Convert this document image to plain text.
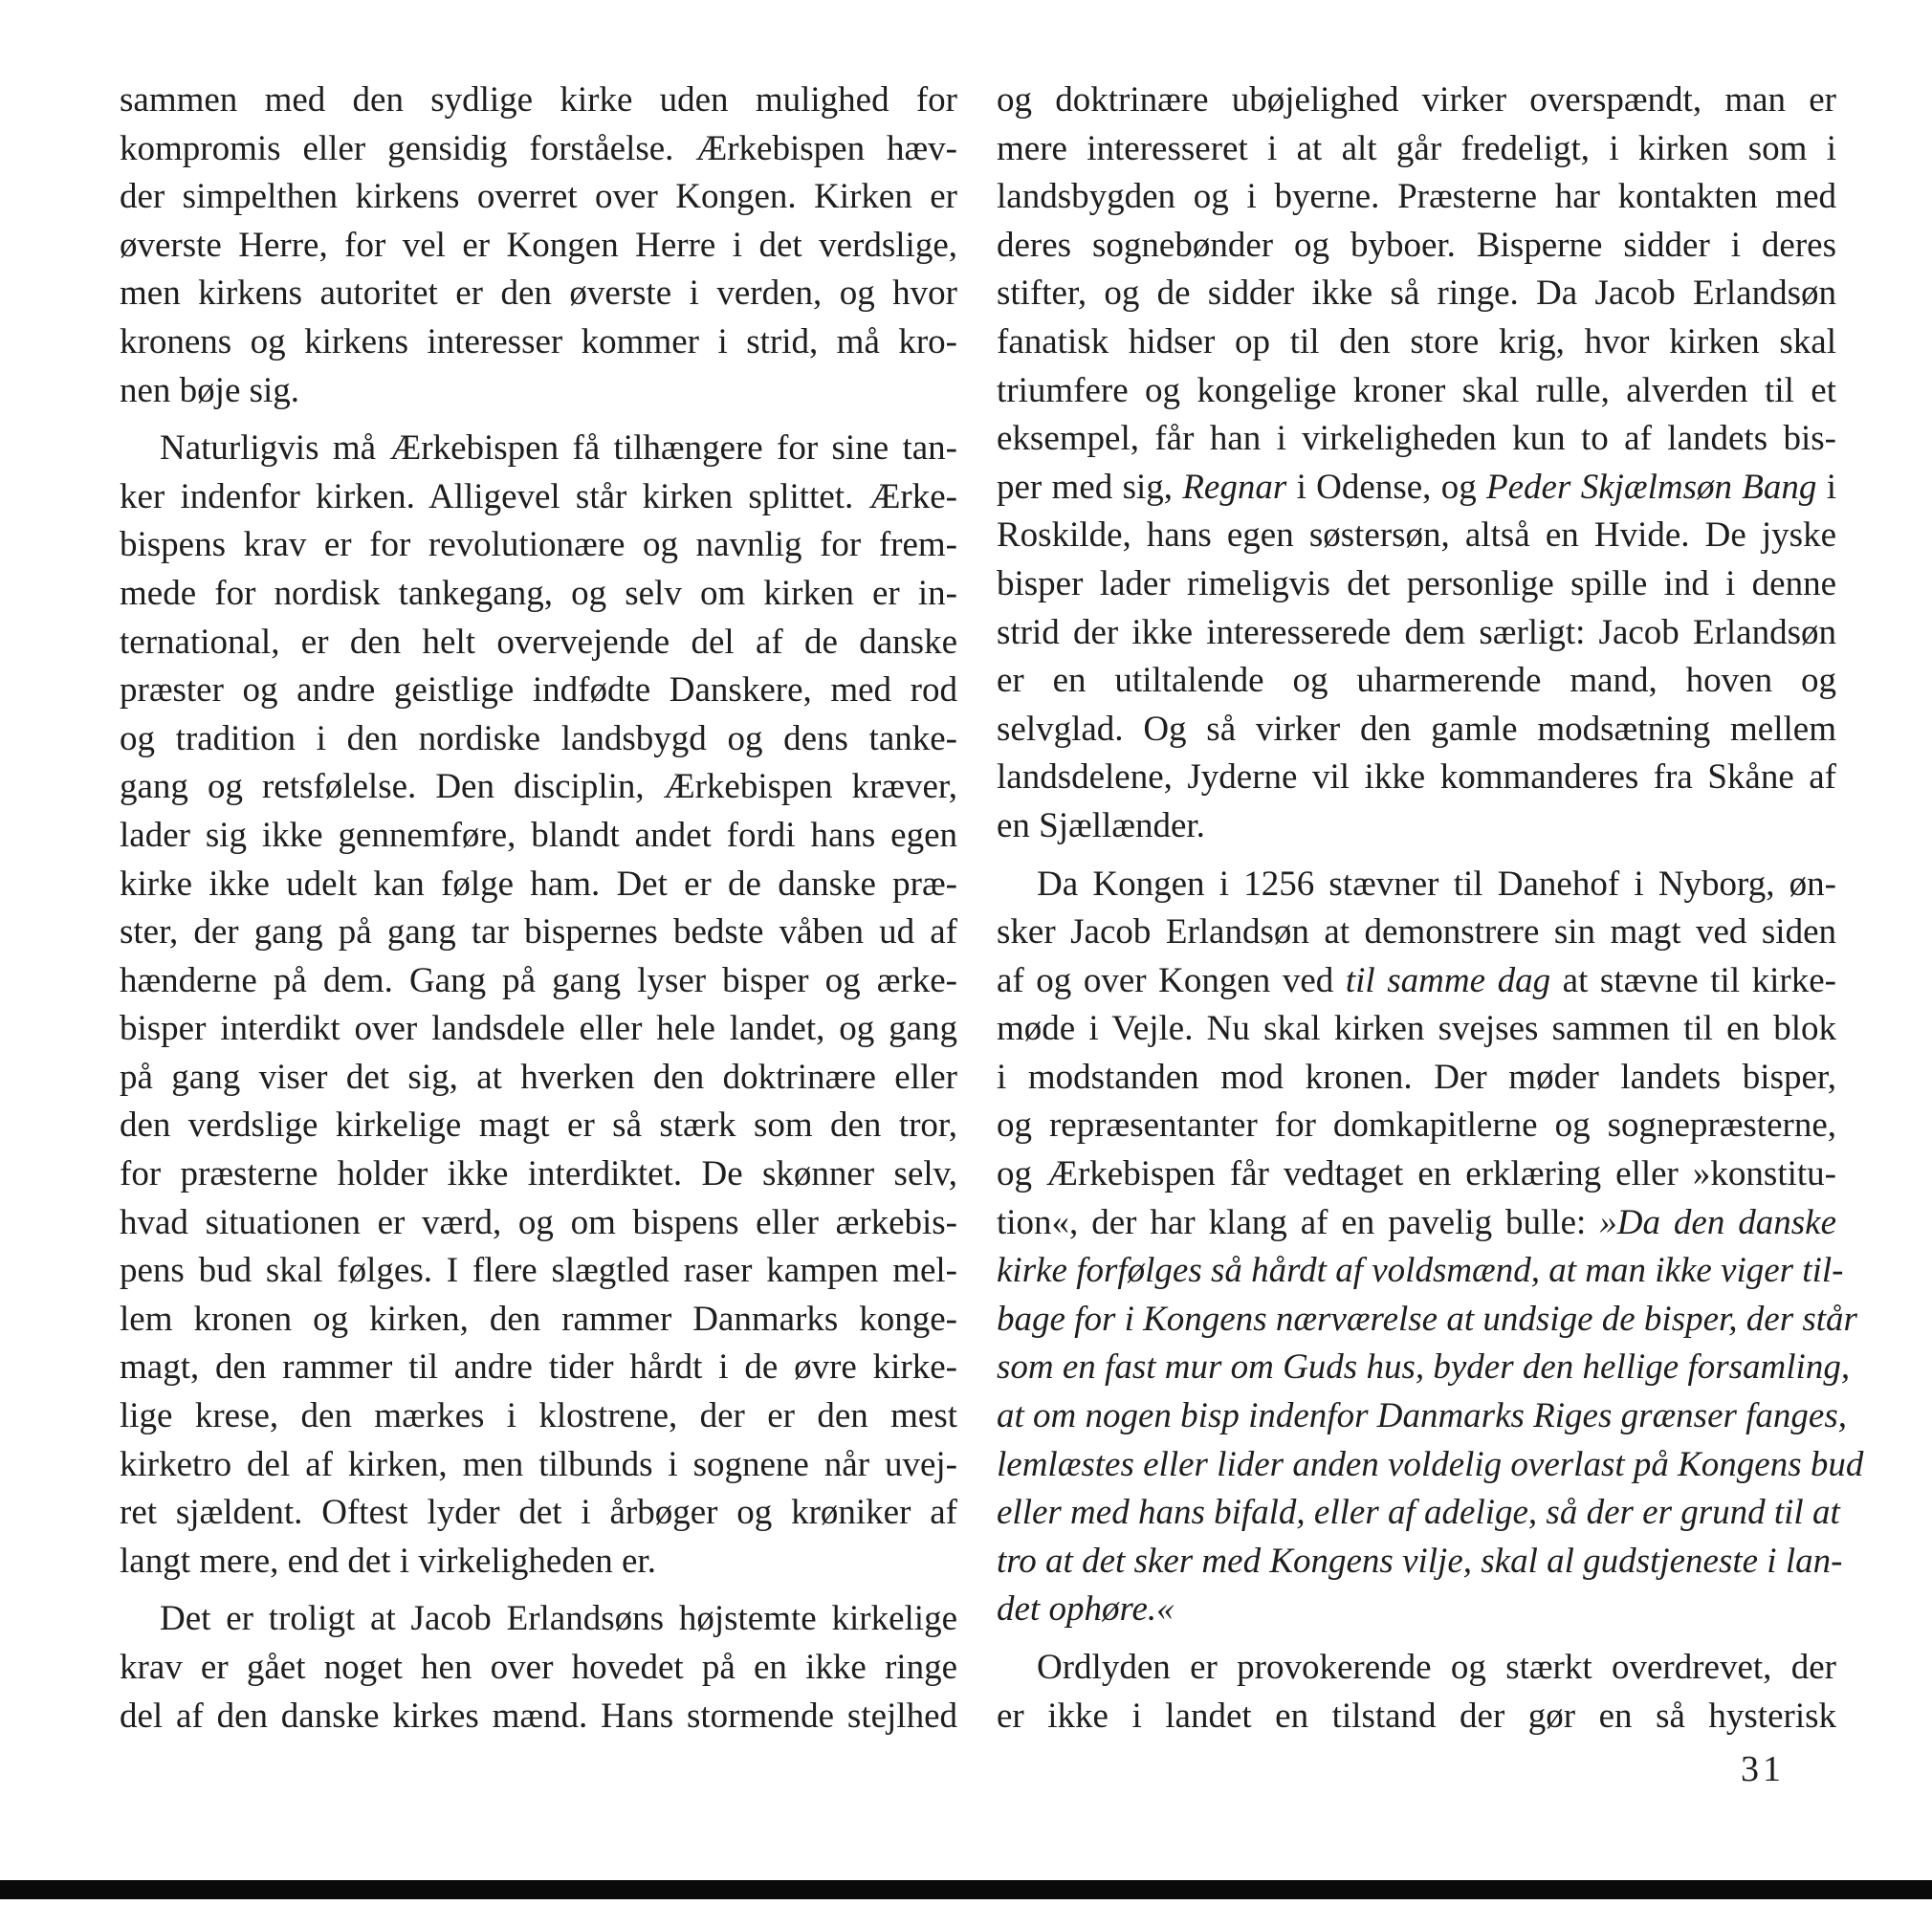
sammen med den sydlige kirke uden mulighed for
kompromis eller gensidig forståelse. Ærkebispen hæv-
der simpelthen kirkens overret over Kongen. Kirken er
øverste Herre, for vel er Kongen Herre i det verdslige,
men kirkens autoritet er den øverste i verden, og hvor
kronens og kirkens interesser kommer i strid, må kro-
nen bøje sig.
Naturligvis må Ærkebispen få tilhængere for sine tan-
ker indenfor kirken. Alligevel står kirken splittet. Ærke-
bispens krav er for revolutionære og navnlig for frem-
mede for nordisk tankegang, og selv om kirken er in-
ternational, er den helt overvejende del af de danske
præster og andre geistlige indfødte Danskere, med rod
og tradition i den nordiske landsbygd og dens tanke-
gang og retsfølelse. Den disciplin, Ærkebispen kræver,
lader sig ikke gennemføre, blandt andet fordi hans egen
kirke ikke udelt kan følge ham. Det er de danske præ-
ster, der gang på gang tar bispernes bedste våben ud af
hænderne på dem. Gang på gang lyser bisper og ærke-
bisper interdikt over landsdele eller hele landet, og gang
på gang viser det sig, at hverken den doktrinære eller
den verdslige kirkelige magt er så stærk som den tror,
for præsterne holder ikke interdiktet. De skønner selv,
hvad situationen er værd, og om bispens eller ærkebis-
pens bud skal følges. I flere slægtled raser kampen mel-
lem kronen og kirken, den rammer Danmarks konge-
magt, den rammer til andre tider hårdt i de øvre kirke-
lige krese, den mærkes i klostrene, der er den mest
kirketro del af kirken, men tilbunds i sognene når uvej-
ret sjældent. Oftest lyder det i årbøger og krøniker af
langt mere, end det i virkeligheden er.
Det er troligt at Jacob Erlandsøns højstemte kirkelige
krav er gået noget hen over hovedet på en ikke ringe
del af den danske kirkes mænd. Hans stormende stejlhed
og doktrinære ubøjelighed virker overspændt, man er
mere interesseret i at alt går fredeligt, i kirken som i
landsbygden og i byerne. Præsterne har kontakten med
deres sognebønder og byboer. Bisperne sidder i deres
stifter, og de sidder ikke så ringe. Da Jacob Erlandsøn
fanatisk hidser op til den store krig, hvor kirken skal
triumfere og kongelige kroner skal rulle, alverden til et
eksempel, får han i virkeligheden kun to af landets bis-
per med sig, Regnar i Odense, og Peder Skjælmsøn Bang i
Roskilde, hans egen søstersøn, altså en Hvide. De jyske
bisper lader rimeligvis det personlige spille ind i denne
strid der ikke interesserede dem særligt: Jacob Erlandsøn
er en utiltalende og uharmerende mand, hoven og
selvglad. Og så virker den gamle modsætning mellem
landsdelene, Jyderne vil ikke kommanderes fra Skåne af
en Sjællænder.
Da Kongen i 1256 stævner til Danehof i Nyborg, øn-
sker Jacob Erlandsøn at demonstrere sin magt ved siden
af og over Kongen ved til samme dag at stævne til kirke-
møde i Vejle. Nu skal kirken svejses sammen til en blok
i modstanden mod kronen. Der møder landets bisper,
og repræsentanter for domkapitlerne og sognepræsterne,
og Ærkebispen får vedtaget en erklæring eller »konstitu-
tion«, der har klang af en pavelig bulle: »Da den danske
kirke forfølges så hårdt af voldsmænd, at man ikke viger til-
bage for i Kongens nærværelse at undsige de bisper, der står
som en fast mur om Guds hus, byder den hellige forsamling,
at om nogen bisp indenfor Danmarks Riges grænser fanges,
lemlæstes eller lider anden voldelig overlast på Kongens bud
eller med hans bifald, eller af adelige, så der er grund til at
tro at det sker med Kongens vilje, skal al gudstjeneste i lan-
det ophøre.«
Ordlyden er provokerende og stærkt overdrevet, der
er ikke i landet en tilstand der gør en så hysterisk
31
